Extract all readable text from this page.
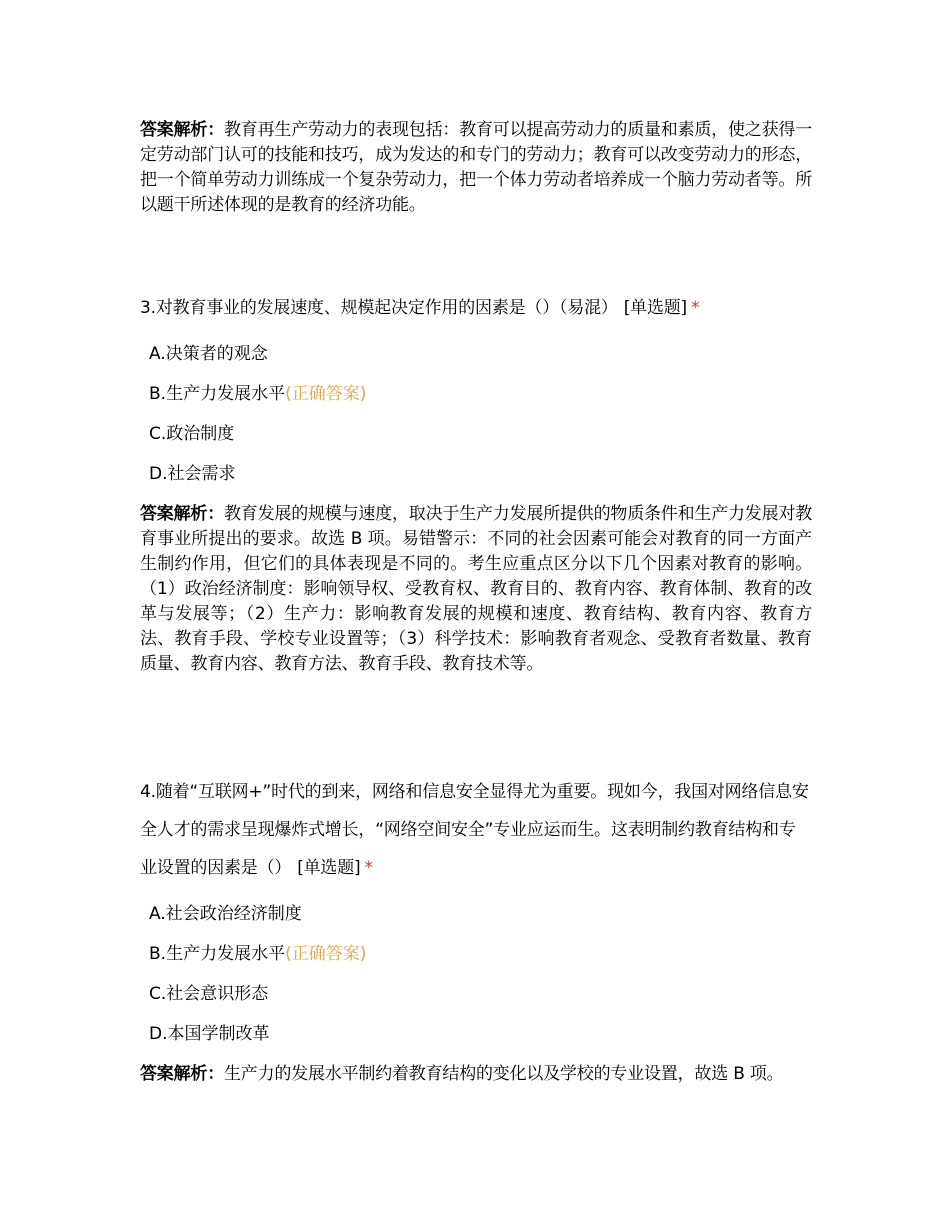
答案解析：教育再生产劳动力的表现包括：教育可以提高劳动力的质量和素质，使之获得一定劳动部门认可的技能和技巧，成为发达的和专门的劳动力；教育可以改变劳动力的形态，把一个简单劳动力训练成一个复杂劳动力，把一个体力劳动者培养成一个脑力劳动者等。所以题干所述体现的是教育的经济功能。
3.对教育事业的发展速度、规模起决定作用的因素是（）（易混） [单选题] *
A.决策者的观念
B.生产力发展水平(正确答案)
C.政治制度
D.社会需求
答案解析：教育发展的规模与速度，取决于生产力发展所提供的物质条件和生产力发展对教育事业所提出的要求。故选 B 项。易错警示：不同的社会因素可能会对教育的同一方面产生制约作用，但它们的具体表现是不同的。考生应重点区分以下几个因素对教育的影响。（1）政治经济制度：影响领导权、受教育权、教育目的、教育内容、教育体制、教育的改革与发展等；（2）生产力：影响教育发展的规模和速度、教育结构、教育内容、教育方法、教育手段、学校专业设置等；（3）科学技术：影响教育者观念、受教育者数量、教育质量、教育内容、教育方法、教育手段、教育技术等。
4.随着“互联网+”时代的到来，网络和信息安全显得尤为重要。现如今，我国对网络信息安全人才的需求呈现爆炸式增长，“网络空间安全”专业应运而生。这表明制约教育结构和专业设置的因素是（） [单选题] *
A.社会政治经济制度
B.生产力发展水平(正确答案)
C.社会意识形态
D.本国学制改革
答案解析：生产力的发展水平制约着教育结构的变化以及学校的专业设置，故选 B 项。
